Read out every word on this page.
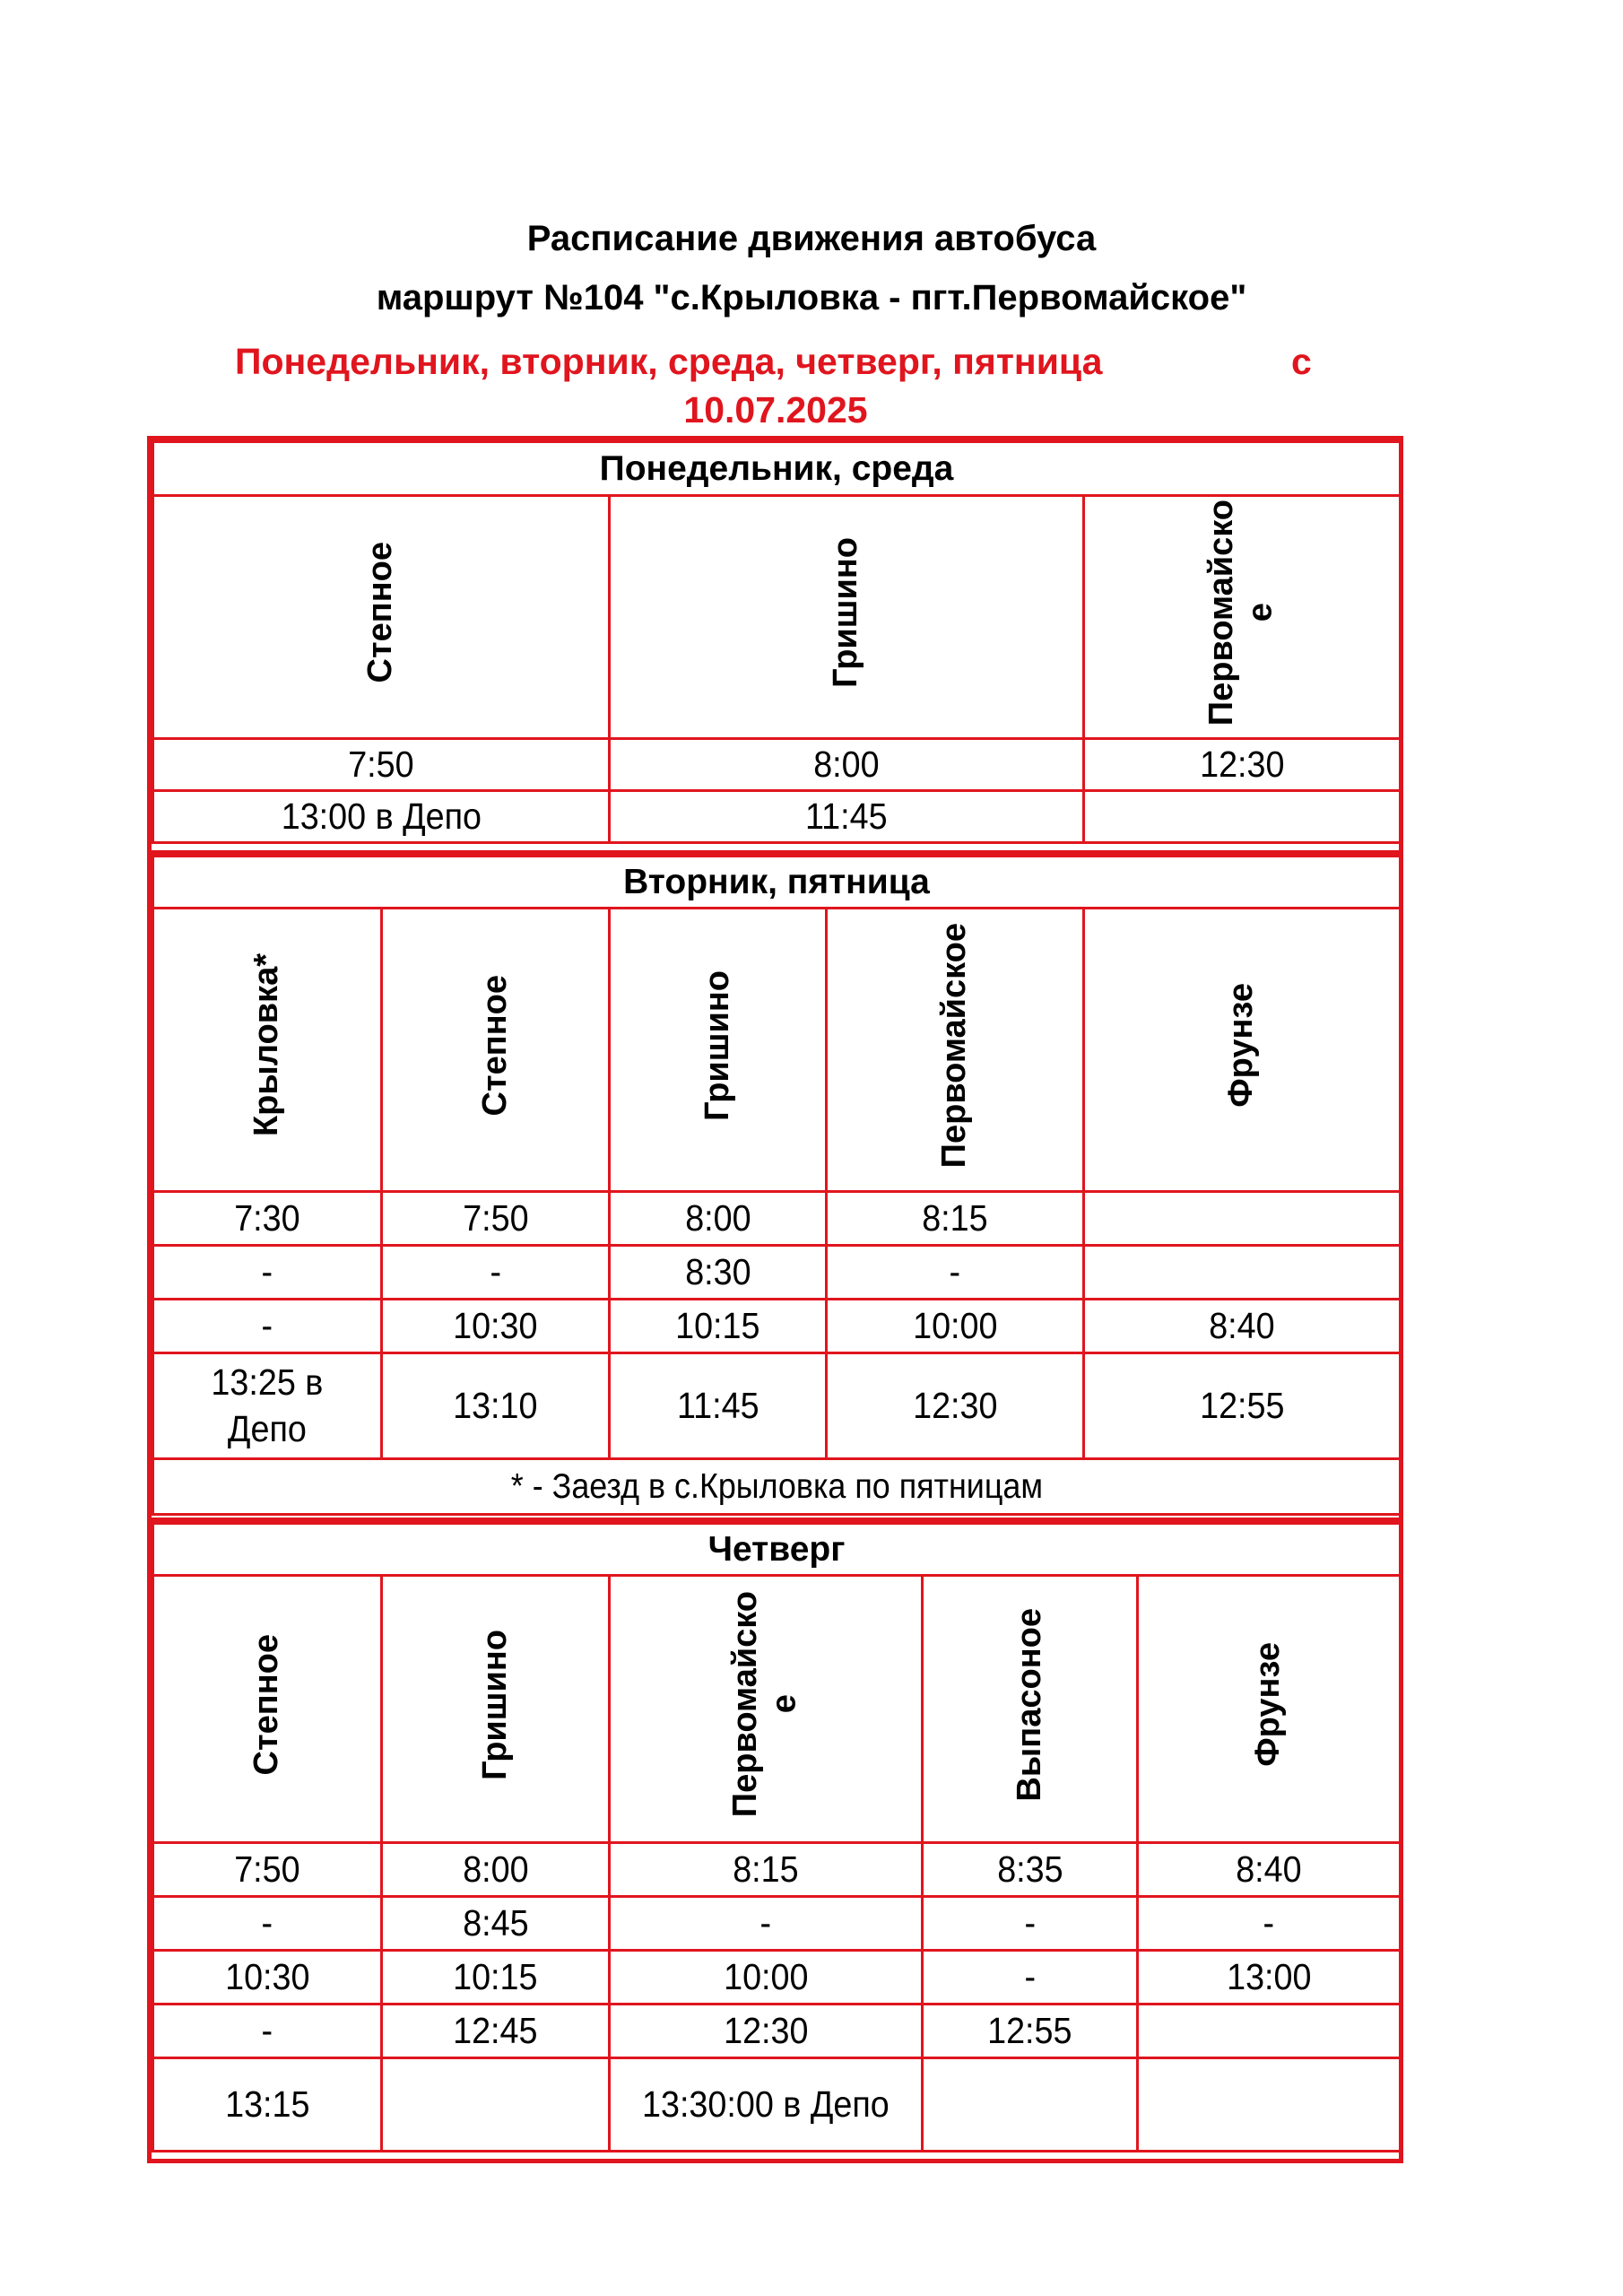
Расписание движения автобуса
маршрут №104 "с.Крыловка - пгт.Первомайское"
Понедельник, вторник, среда, четверг, пятница	с
10.07.2025
Понедельник, среда		
Степное	Гришино	Первомайско
е
7:50	8:00	12:30
13:00 в Депо	11:45	
Вторник, пятница				
Крыловка*	Степное	Гришино	Первомайское	Фрунзе
7:30	7:50	8:00	8:15	
-	-	8:30	-	
-	10:30	10:15	10:00	8:40
13:25 в
Депо	13:10	11:45	12:30	12:55
* - Заезд в с.Крыловка по пятницам				
Четверг				
Степное	Гришино	Первомайско
е	Выпасоное	Фрунзе
7:50	8:00	8:15	8:35	8:40
-	8:45	-	-	-
10:30	10:15	10:00	-	13:00
-	12:45	12:30	12:55	
13:15		13:30:00 в Депо		
